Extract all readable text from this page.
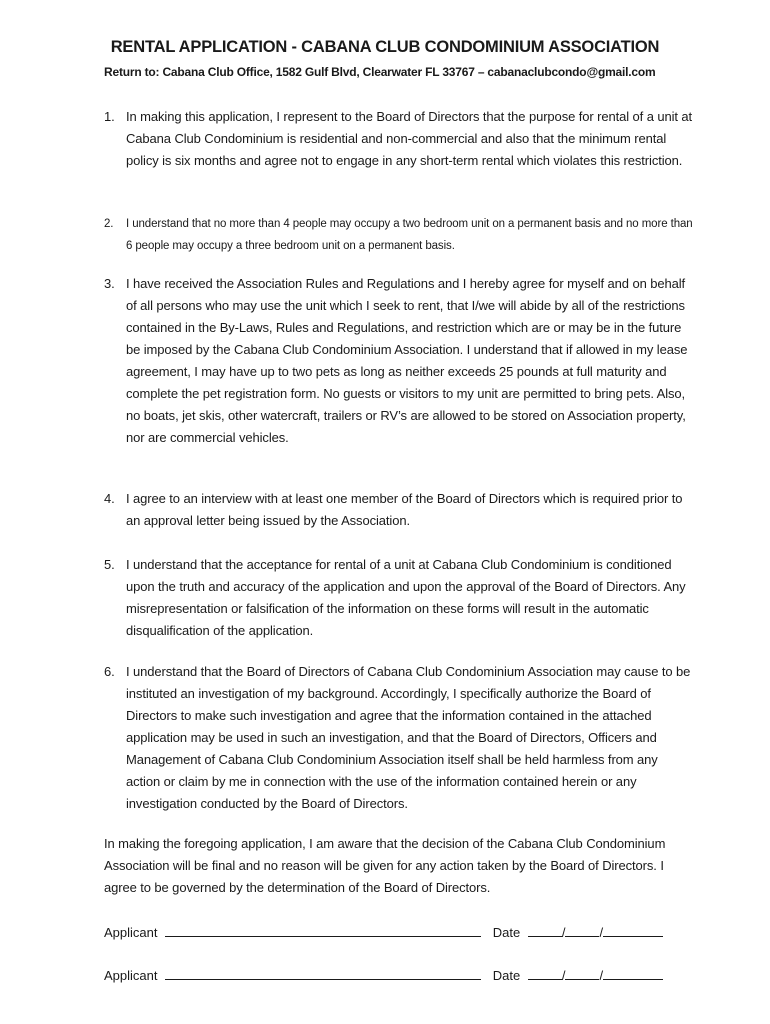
RENTAL APPLICATION - CABANA CLUB CONDOMINIUM ASSOCIATION
Return to: Cabana Club Office, 1582 Gulf Blvd, Clearwater FL 33767 – cabanaclubcondo@gmail.com
1. In making this application, I represent to the Board of Directors that the purpose for rental of a unit at Cabana Club Condominium is residential and non-commercial and also that the minimum rental policy is six months and agree not to engage in any short-term rental which violates this restriction.
2.	I understand that no more than 4 people may occupy a two bedroom unit on a permanent basis and no more than 6 people may occupy a three bedroom unit on a permanent basis.
3. I have received the Association Rules and Regulations and I hereby agree for myself and on behalf of all persons who may use the unit which I seek to rent, that I/we will abide by all of the restrictions contained in the By-Laws, Rules and Regulations, and restriction which are or may be in the future be imposed by the Cabana Club Condominium Association. I understand that if allowed in my lease agreement, I may have up to two pets as long as neither exceeds 25 pounds at full maturity and complete the pet registration form. No guests or visitors to my unit are permitted to bring pets. Also, no boats, jet skis, other watercraft, trailers or RV’s are allowed to be stored on Association property, nor are commercial vehicles.
4. I agree to an interview with at least one member of the Board of Directors which is required prior to an approval letter being issued by the Association.
5. I understand that the acceptance for rental of a unit at Cabana Club Condominium is conditioned upon the truth and accuracy of the application and upon the approval of the Board of Directors. Any misrepresentation or falsification of the information on these forms will result in the automatic disqualification of the application.
6. I understand that the Board of Directors of Cabana Club Condominium Association may cause to be instituted an investigation of my background. Accordingly, I specifically authorize the Board of Directors to make such investigation and agree that the information contained in the attached application may be used in such an investigation, and that the Board of Directors, Officers and Management of Cabana Club Condominium Association itself shall be held harmless from any action or claim by me in connection with the use of the information contained herein or any investigation conducted by the Board of Directors.
In making the foregoing application, I am aware that the decision of the Cabana Club Condominium Association will be final and no reason will be given for any action taken by the Board of Directors. I agree to be governed by the determination of the Board of Directors.
Applicant	Date	/	/
Applicant	Date	/	/
